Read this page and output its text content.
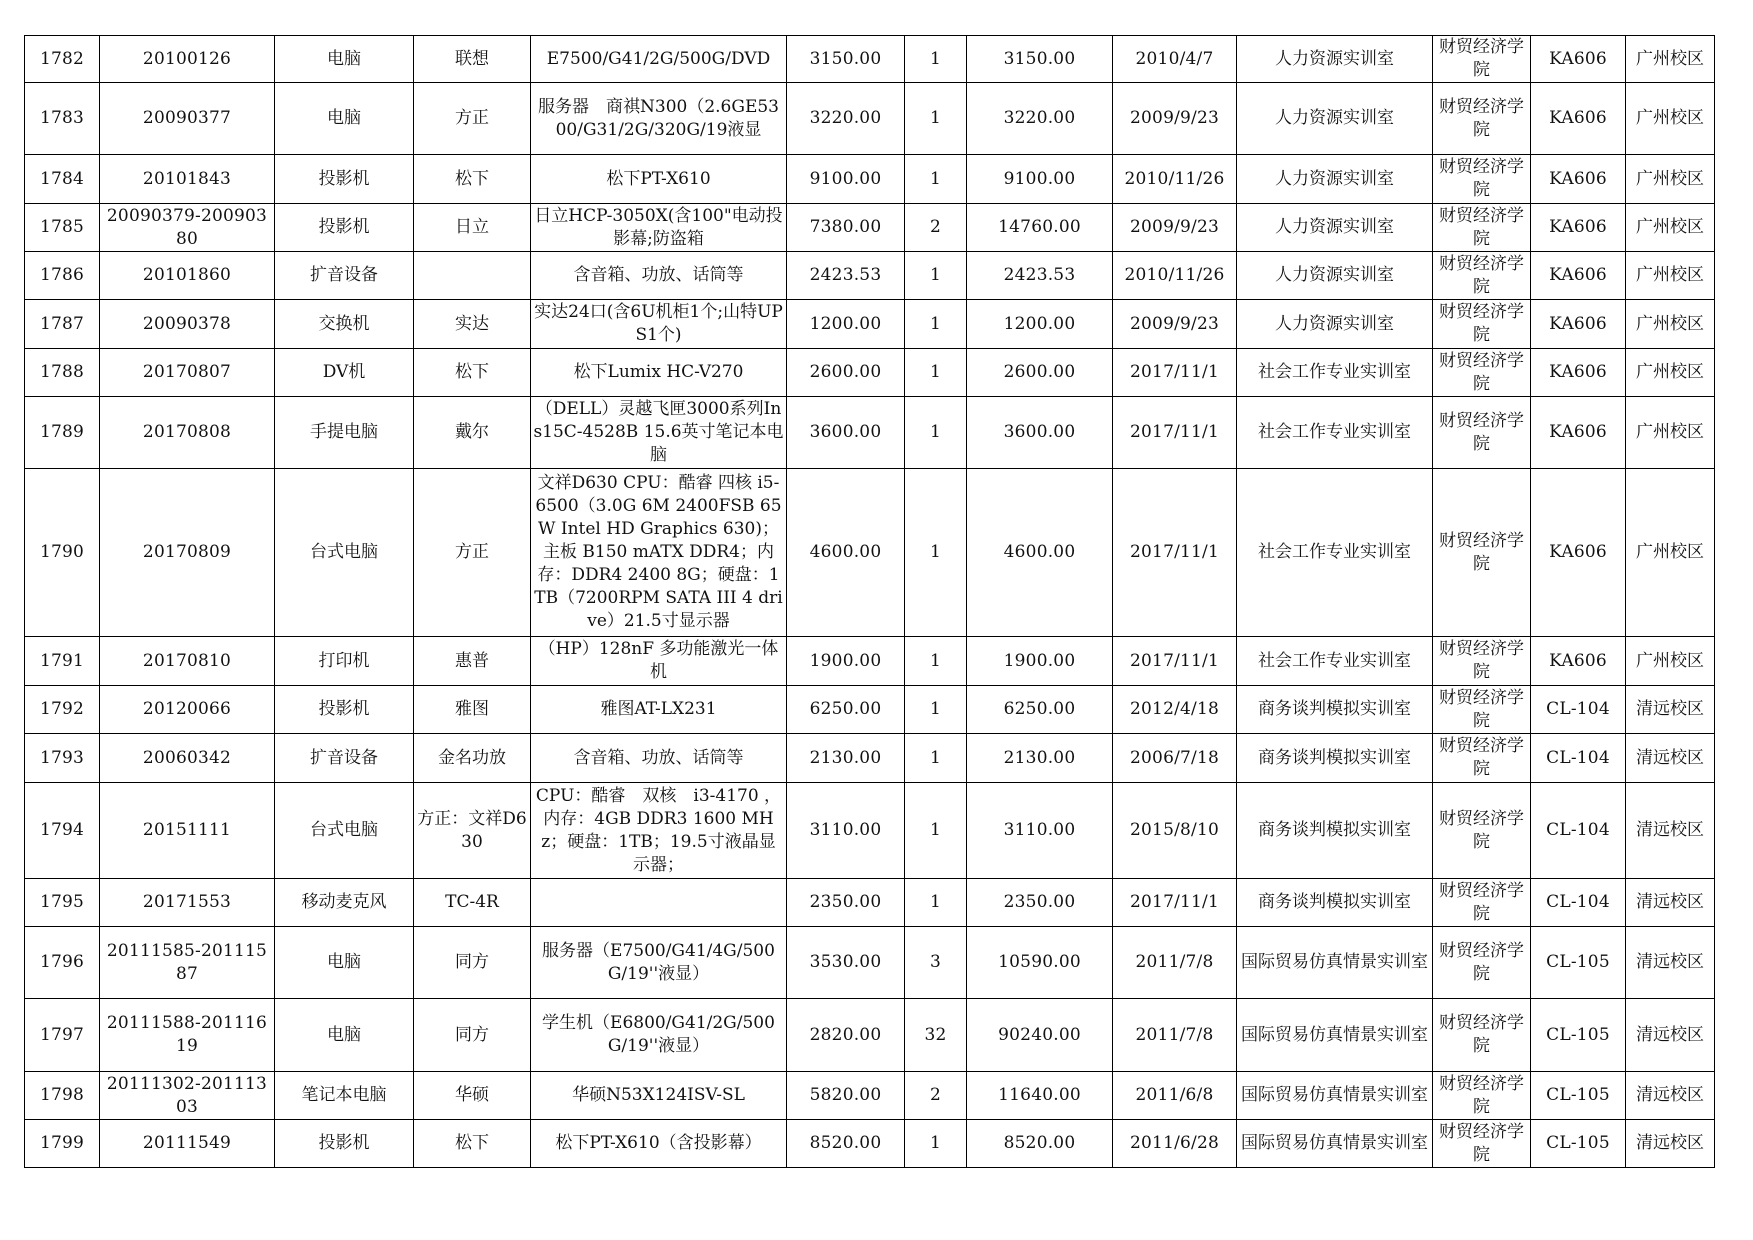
1782	20100126	电脑	联想	E7500/G41/2G/500G/DVD	3150.00	1	3150.00	2010/4/7	人力资源实训室	财贸经济学院	KA606	广州校区
1783	20090377	电脑	方正	服务器　商祺N300（2.6GE5300/G31/2G/320G/19液显	3220.00	1	3220.00	2009/9/23	人力资源实训室	财贸经济学院	KA606	广州校区
1784	20101843	投影机	松下	松下PT-X610	9100.00	1	9100.00	2010/11/26	人力资源实训室	财贸经济学院	KA606	广州校区
1785	20090379-20090380	投影机	日立	日立HCP-3050X(含100"电动投影幕;防盗箱	7380.00	2	14760.00	2009/9/23	人力资源实训室	财贸经济学院	KA606	广州校区
1786	20101860	扩音设备		含音箱、功放、话筒等	2423.53	1	2423.53	2010/11/26	人力资源实训室	财贸经济学院	KA606	广州校区
1787	20090378	交换机	实达	实达24口(含6U机柜1个;山特UPS1个)	1200.00	1	1200.00	2009/9/23	人力资源实训室	财贸经济学院	KA606	广州校区
1788	20170807	DV机	松下	松下Lumix HC-V270	2600.00	1	2600.00	2017/11/1	社会工作专业实训室	财贸经济学院	KA606	广州校区
1789	20170808	手提电脑	戴尔	（DELL）灵越飞匣3000系列Ins15C-4528B 15.6英寸笔记本电脑	3600.00	1	3600.00	2017/11/1	社会工作专业实训室	财贸经济学院	KA606	广州校区
1790	20170809	台式电脑	方正	文祥D630 CPU：酷睿 四核 i5-6500（3.0G 6M 2400FSB 65W Intel HD Graphics 630)；主板 B150 mATX DDR4；内存：DDR4 2400 8G；硬盘：1TB（7200RPM SATA III 4 drive）21.5寸显示器	4600.00	1	4600.00	2017/11/1	社会工作专业实训室	财贸经济学院	KA606	广州校区
1791	20170810	打印机	惠普	（HP）128nF 多功能激光一体机	1900.00	1	1900.00	2017/11/1	社会工作专业实训室	财贸经济学院	KA606	广州校区
1792	20120066	投影机	雅图	雅图AT-LX231	6250.00	1	6250.00	2012/4/18	商务谈判模拟实训室	财贸经济学院	CL-104	清远校区
1793	20060342	扩音设备	金名功放	含音箱、功放、话筒等	2130.00	1	2130.00	2006/7/18	商务谈判模拟实训室	财贸经济学院	CL-104	清远校区
1794	20151111	台式电脑	方正：文祥D630	CPU：酷睿　双核　i3-4170 ，内存：4GB DDR3 1600 MHz；硬盘：1TB；19.5寸液晶显示器；	3110.00	1	3110.00	2015/8/10	商务谈判模拟实训室	财贸经济学院	CL-104	清远校区
1795	20171553	移动麦克风	TC-4R		2350.00	1	2350.00	2017/11/1	商务谈判模拟实训室	财贸经济学院	CL-104	清远校区
1796	20111585-20111587	电脑	同方	服务器（E7500/G41/4G/500G/19''液显）	3530.00	3	10590.00	2011/7/8	国际贸易仿真情景实训室	财贸经济学院	CL-105	清远校区
1797	20111588-20111619	电脑	同方	学生机（E6800/G41/2G/500G/19''液显）	2820.00	32	90240.00	2011/7/8	国际贸易仿真情景实训室	财贸经济学院	CL-105	清远校区
1798	20111302-20111303	笔记本电脑	华硕	华硕N53X124ISV-SL	5820.00	2	11640.00	2011/6/8	国际贸易仿真情景实训室	财贸经济学院	CL-105	清远校区
1799	20111549	投影机	松下	松下PT-X610（含投影幕）	8520.00	1	8520.00	2011/6/28	国际贸易仿真情景实训室	财贸经济学院	CL-105	清远校区
